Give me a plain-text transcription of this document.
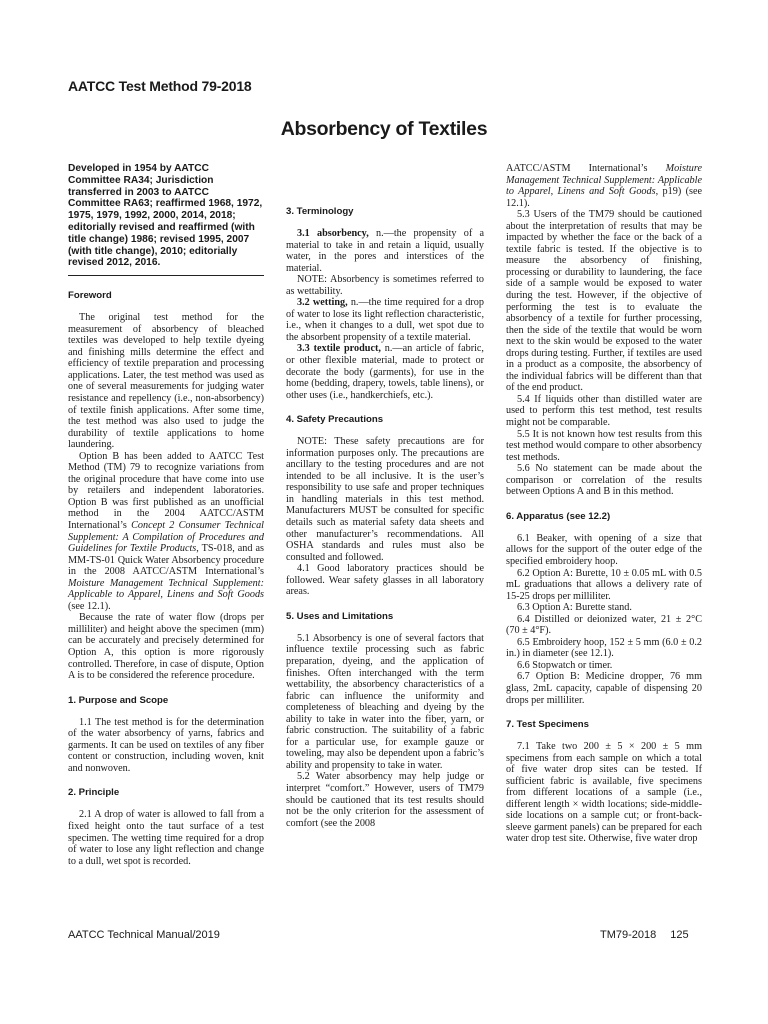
AATCC Test Method 79-2018
Absorbency of Textiles
Developed in 1954 by AATCC Committee RA34; Jurisdiction transferred in 2003 to AATCC Committee RA63; reaffirmed 1968, 1972, 1975, 1979, 1992, 2000, 2014, 2018; editorially revised and reaffirmed (with title change) 1986; revised 1995, 2007 (with title change), 2010; editorially revised 2012, 2016.
Foreword

The original test method for the measurement of absorbency of bleached textiles was developed to help textile dyeing and finishing mills determine the effect and efficiency of textile preparation and processing applications. Later, the test method was used as one of several measurements for judging water resistance and repellency (i.e., non-absorbency) of textile finish applications. After some time, the test method was also used to judge the durability of textile applications to home laundering.

Option B has been added to AATCC Test Method (TM) 79 to recognize variations from the original procedure that have come into use by retailers and independent laboratories. Option B was first published as an unofficial method in the 2004 AATCC/ASTM International’s Concept 2 Consumer Technical Supplement: A Compilation of Procedures and Guidelines for Textile Products, TS-018, and as MM-TS-01 Quick Water Absorbency procedure in the 2008 AATCC/ASTM International’s Moisture Management Technical Supplement: Applicable to Apparel, Linens and Soft Goods (see 12.1).

Because the rate of water flow (drops per milliliter) and height above the specimen (mm) can be accurately and precisely determined for Option A, this option is more rigorously controlled. Therefore, in case of dispute, Option A is to be considered the reference procedure.

1. Purpose and Scope

1.1 The test method is for the determination of the water absorbency of yarns, fabrics and garments. It can be used on textiles of any fiber content or construction, including woven, knit and nonwoven.

2. Principle

2.1 A drop of water is allowed to fall from a fixed height onto the taut surface of a test specimen. The wetting time required for a drop of water to lose any light reflection and change to a dull, wet spot is recorded.

3. Terminology

3.1 absorbency, n.—the propensity of a material to take in and retain a liquid, usually water, in the pores and interstices of the material.

NOTE: Absorbency is sometimes referred to as wettability.

3.2 wetting, n.—the time required for a drop of water to lose its light reflection characteristic, i.e., when it changes to a dull, wet spot due to the absorbent propensity of a textile material.

3.3 textile product, n.—an article of fabric, or other flexible material, made to protect or decorate the body (garments), for use in the home (bedding, drapery, towels, table linens), or other uses (i.e., handkerchiefs, etc.).

4. Safety Precautions

NOTE: These safety precautions are for information purposes only. The precautions are ancillary to the testing procedures and are not intended to be all inclusive. It is the user’s responsibility to use safe and proper techniques in handling materials in this test method. Manufacturers MUST be consulted for specific details such as material safety data sheets and other manufacturer’s recommendations. All OSHA standards and rules must also be consulted and followed.

4.1 Good laboratory practices should be followed. Wear safety glasses in all laboratory areas.

5. Uses and Limitations

5.1 Absorbency is one of several factors that influence textile processing such as fabric preparation, dyeing, and the application of finishes. Often interchanged with the term wettability, the absorbency characteristics of a fabric can influence the uniformity and completeness of bleaching and dyeing by the ability to take in water into the fiber, yarn, or fabric construction. The suitability of a fabric for a particular use, for example gauze or toweling, may also be dependent upon a fabric’s ability and propensity to take in water.

5.2 Water absorbency may help judge or interpret “comfort.” However, users of TM79 should be cautioned that its test results should not be the only criterion for the assessment of comfort (see the 2008

AATCC/ASTM International’s Moisture Management Technical Supplement: Applicable to Apparel, Linens and Soft Goods, p19) (see 12.1).

5.3 Users of the TM79 should be cautioned about the interpretation of results that may be impacted by whether the face or the back of a textile fabric is tested. If the objective is to measure the absorbency of finishing, processing or durability to laundering, the face side of a sample would be exposed to water during the test. However, if the objective of performing the test is to evaluate the absorbency of a textile for further processing, then the side of the textile that would be worn next to the skin would be exposed to the water drops during testing. Further, if textiles are used in a product as a composite, the absorbency of the individual fabrics will be different than that of the end product.

5.4 If liquids other than distilled water are used to perform this test method, test results might not be comparable.

5.5 It is not known how test results from this test method would compare to other absorbency test methods.

5.6 No statement can be made about the comparison or correlation of the results between Options A and B in this method.

6. Apparatus (see 12.2)

6.1 Beaker, with opening of a size that allows for the support of the outer edge of the specified embroidery hoop.

6.2 Option A: Burette, 10 ± 0.05 mL with 0.5 mL graduations that allows a delivery rate of 15-25 drops per milliliter.

6.3 Option A: Burette stand.

6.4 Distilled or deionized water, 21 ± 2°C (70 ± 4°F).

6.5 Embroidery hoop, 152 ± 5 mm (6.0 ± 0.2 in.) in diameter (see 12.1).

6.6 Stopwatch or timer.

6.7 Option B: Medicine dropper, 76 mm glass, 2mL capacity, capable of dispensing 20 drops per milliliter.

7. Test Specimens

7.1 Take two 200 ± 5 × 200 ± 5 mm specimens from each sample on which a total of five water drop sites can be tested. If sufficient fabric is available, five specimens from different locations of a sample (i.e., different length × width locations; side-middle-side locations on a sample cut; or front-back-sleeve garment panels) can be prepared for each water drop test site. Otherwise, five water drop

AATCC Technical Manual/2019	TM79-2018 125
